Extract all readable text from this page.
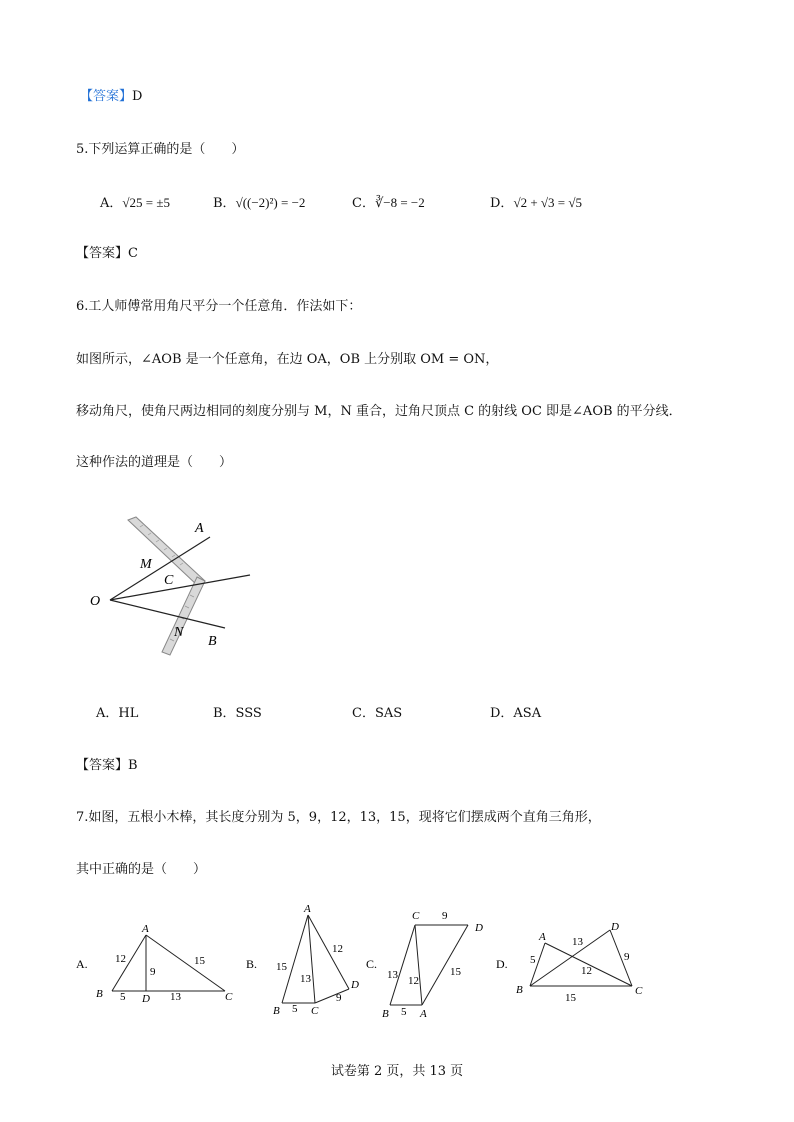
【答案】D
5.下列运算正确的是（　　）
A．√25 = ±5	B．√((−2)²) = −2	C．∛−8 = −2	D．√2 + √3 = √5
【答案】C
6.工人师傅常用角尺平分一个任意角．作法如下：
如图所示，∠AOB 是一个任意角，在边 OA，OB 上分别取 OM = ON，
移动角尺，使角尺两边相同的刻度分别与 M，N 重合，过角尺顶点 C 的射线 OC 即是∠AOB 的平分线．
这种作法的道理是（　　）
A
M
C
O
N
B
A．HL	B．SSS	C．SAS	D．ASA
【答案】B
7.如图，五根小木棒，其长度分别为 5，9，12，13，15，现将它们摆成两个直角三角形，
其中正确的是（　　）
A.
A
B	D	C
12
9
15
5	13
B.
A
B	C
D
15
13
12
9
5
C.
C
D
B	A
9
13 12
15
5
D.
A
D
B	C
13
5
12
9
15
试卷第 2 页，共 13 页
